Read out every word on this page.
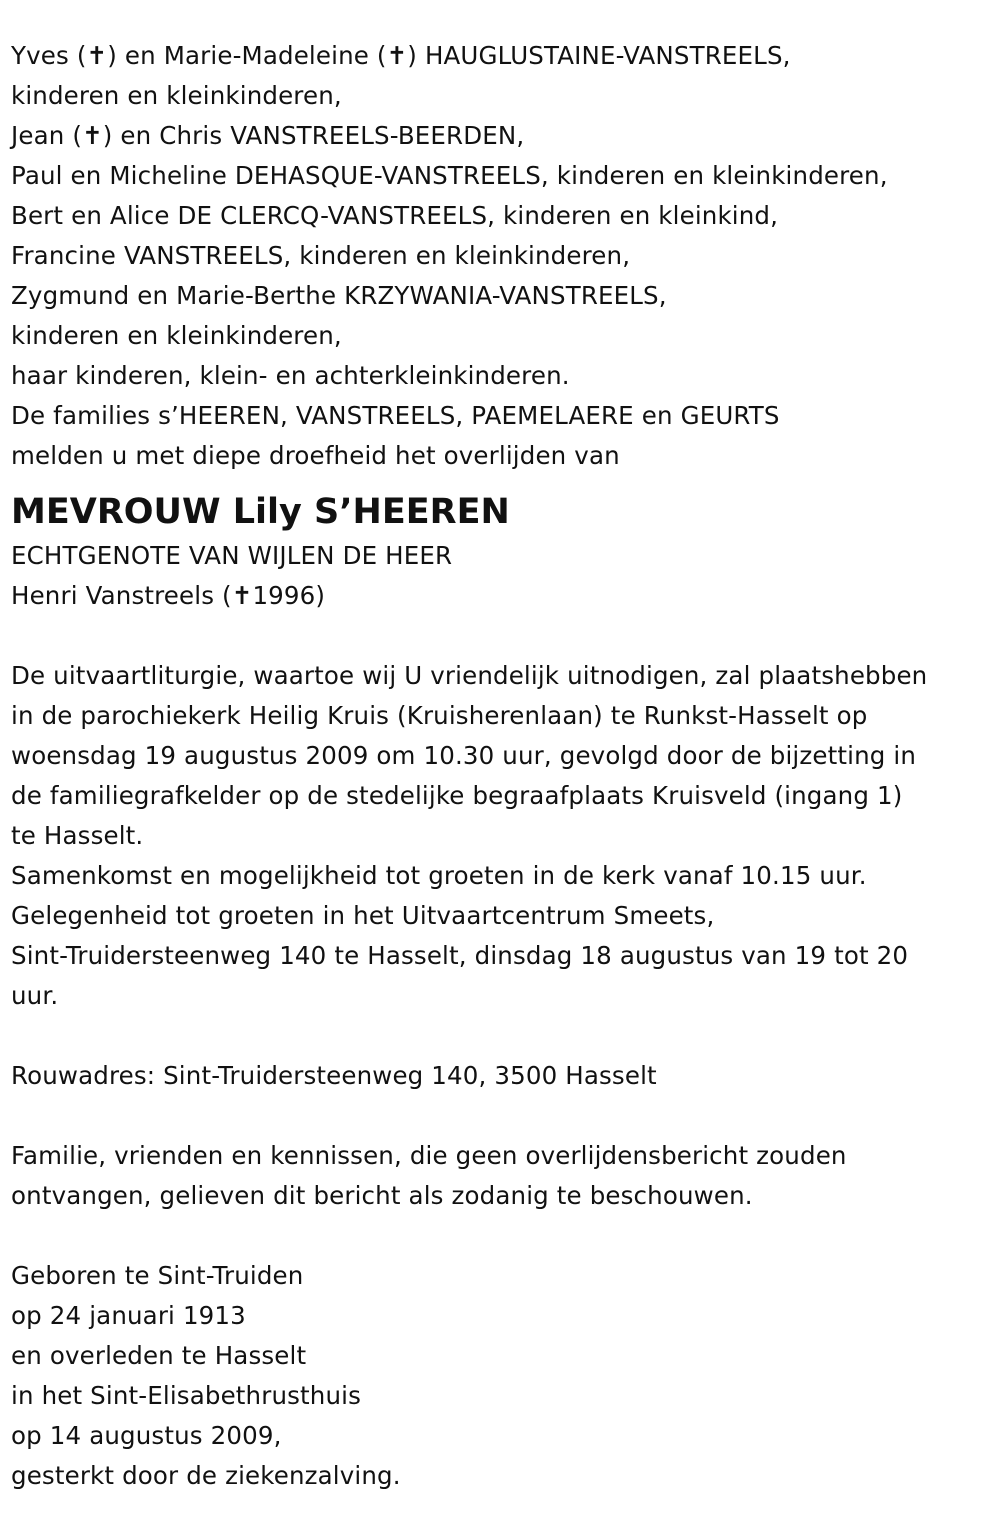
Yves (✝) en Marie-Madeleine (✝) HAUGLUSTAINE-VANSTREELS,
kinderen en kleinkinderen,
Jean (✝) en Chris VANSTREELS-BEERDEN,
Paul en Micheline DEHASQUE-VANSTREELS, kinderen en kleinkinderen,
Bert en Alice DE CLERCQ-VANSTREELS, kinderen en kleinkind,
Francine VANSTREELS, kinderen en kleinkinderen,
Zygmund en Marie-Berthe KRZYWANIA-VANSTREELS,
kinderen en kleinkinderen,
haar kinderen, klein- en achterkleinkinderen.
De families s’HEEREN, VANSTREELS, PAEMELAERE en GEURTS
melden u met diepe droefheid het overlijden van
MEVROUW Lily S’HEEREN
ECHTGENOTE VAN WIJLEN DE HEER
Henri Vanstreels (✝1996)
De uitvaartliturgie, waartoe wij U vriendelijk uitnodigen, zal plaatshebben
in de parochiekerk Heilig Kruis (Kruisherenlaan) te Runkst-Hasselt op
woensdag 19 augustus 2009 om 10.30 uur, gevolgd door de bijzetting in
de familiegrafkelder op de stedelijke begraafplaats Kruisveld (ingang 1)
te Hasselt.
Samenkomst en mogelijkheid tot groeten in de kerk vanaf 10.15 uur.
Gelegenheid tot groeten in het Uitvaartcentrum Smeets,
Sint-Truidersteenweg 140 te Hasselt, dinsdag 18 augustus van 19 tot 20
uur.
Rouwadres: Sint-Truidersteenweg 140, 3500 Hasselt
Familie, vrienden en kennissen, die geen overlijdensbericht zouden
ontvangen, gelieven dit bericht als zodanig te beschouwen.
Geboren te Sint-Truiden
op 24 januari 1913
en overleden te Hasselt
in het Sint-Elisabethrusthuis
op 14 augustus 2009,
gesterkt door de ziekenzalving.
